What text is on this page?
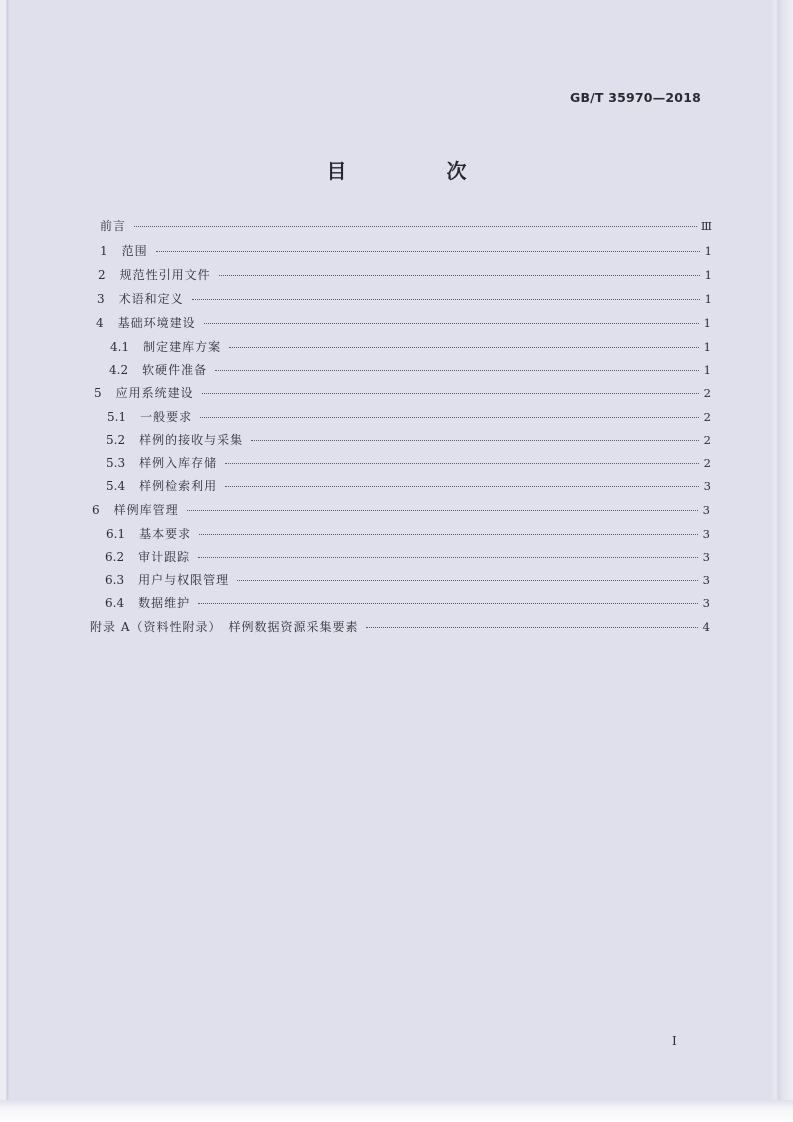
GB/T 35970—2018
目　次
前言	Ⅲ
1 范围	1
2 规范性引用文件	1
3 术语和定义	1
4 基础环境建设	1
4.1 制定建库方案	1
4.2 软硬件准备	1
5 应用系统建设	2
5.1 一般要求	2
5.2 样例的接收与采集	2
5.3 样例入库存储	2
5.4 样例检索利用	3
6 样例库管理	3
6.1 基本要求	3
6.2 审计跟踪	3
6.3 用户与权限管理	3
6.4 数据维护	3
附录 A（资料性附录）　样例数据资源采集要素	4
I
